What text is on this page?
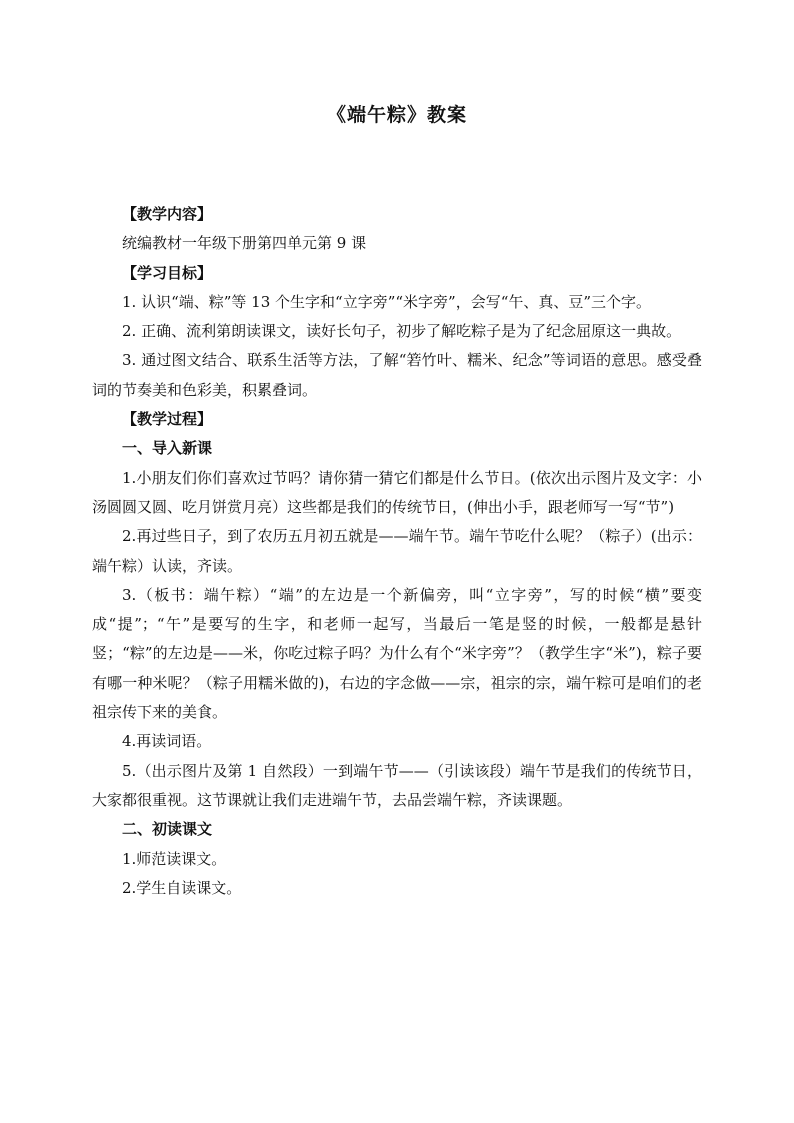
《端午粽》教案

【教学内容】

统编教材一年级下册第四单元第 9 课

【学习目标】

1. 认识“端、粽”等 13 个生字和“立字旁”“米字旁”，会写“午、真、豆”三个字。

2. 正确、流利第朗读课文，读好长句子，初步了解吃粽子是为了纪念屈原这一典故。

3. 通过图文结合、联系生活等方法，了解“箬竹叶、糯米、纪念”等词语的意思。感受叠词的节奏美和色彩美，积累叠词。

【教学过程】

一、导入新课

1.小朋友们你们喜欢过节吗？请你猜一猜它们都是什么节日。(依次出示图片及文字：小汤圆圆又圆、吃月饼赏月亮）这些都是我们的传统节日，(伸出小手，跟老师写一写“节”)

2.再过些日子，到了农历五月初五就是——端午节。端午节吃什么呢？（粽子）(出示：端午粽）认读，齐读。

3.（板书：端午粽）“端”的左边是一个新偏旁，叫“立字旁”，写的时候“横”要变成“提”；“午”是要写的生字，和老师一起写，当最后一笔是竖的时候，一般都是悬针竖；“粽”的左边是——米，你吃过粽子吗？为什么有个“米字旁”？（教学生字“米”)，粽子要有哪一种米呢？（粽子用糯米做的)，右边的字念做——宗，祖宗的宗，端午粽可是咱们的老祖宗传下来的美食。

4.再读词语。

5.（出示图片及第 1 自然段）一到端午节——（引读该段）端午节是我们的传统节日，大家都很重视。这节课就让我们走进端午节，去品尝端午粽，齐读课题。

二、初读课文

1.师范读课文。

2.学生自读课文。
